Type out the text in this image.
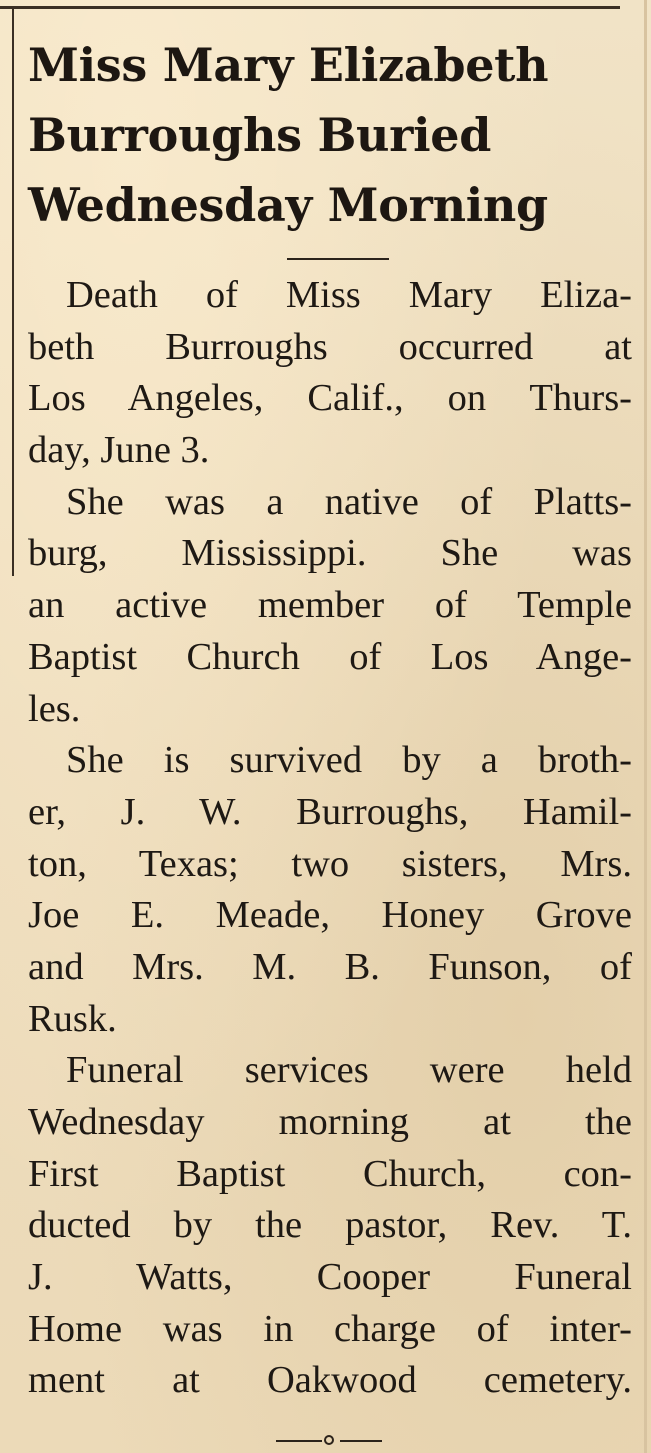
Miss Mary Elizabeth
Burroughs Buried
Wednesday Morning

Death of Miss Mary Eliza-
beth Burroughs occurred at
Los Angeles, Calif., on Thurs-
day, June 3.

She was a native of Platts-
burg, Mississippi. She was
an active member of Temple
Baptist Church of Los Ange-
les.

She is survived by a broth-
er, J. W. Burroughs, Hamil-
ton, Texas; two sisters, Mrs.
Joe E. Meade, Honey Grove
and Mrs. M. B. Funson, of
Rusk.

Funeral services were held
Wednesday morning at the
First Baptist Church, con-
ducted by the pastor, Rev. T.
J. Watts, Cooper Funeral
Home was in charge of inter-
ment at Oakwood cemetery.
